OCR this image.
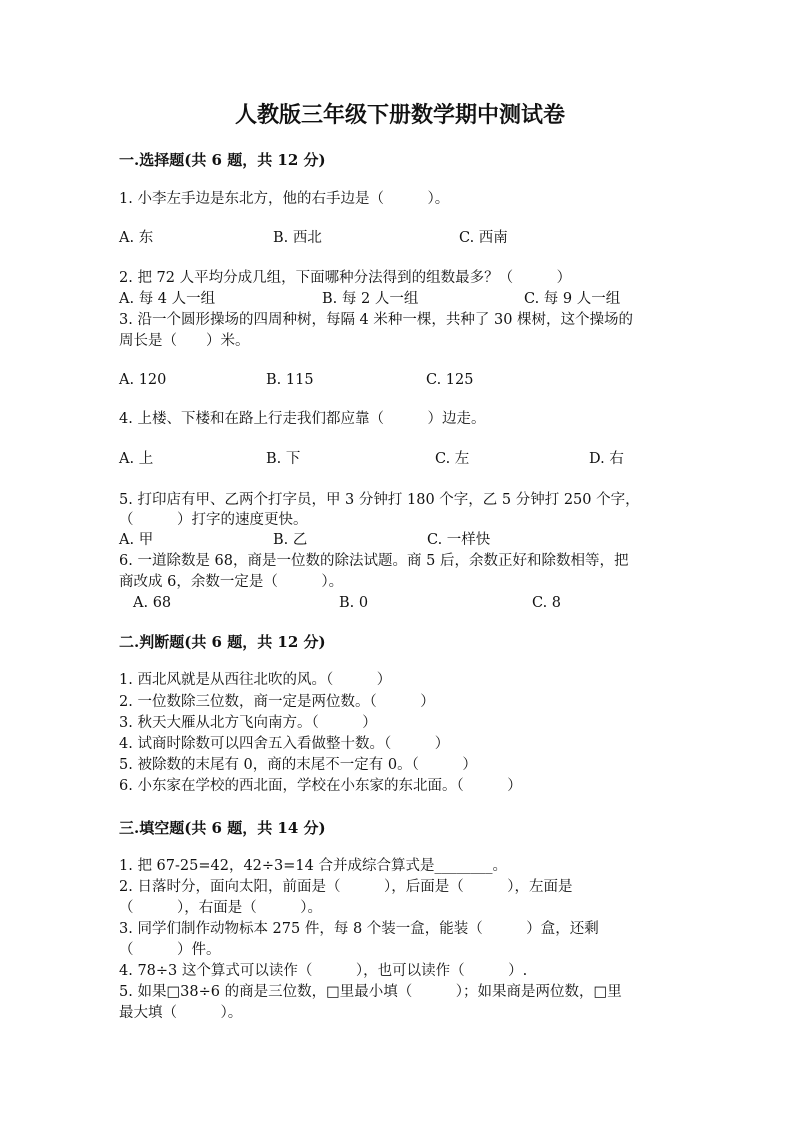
人教版三年级下册数学期中测试卷
一.选择题(共 6 题，共 12 分)
1. 小李左手边是东北方，他的右手边是（　　　）。
A. 东	B. 西北	C. 西南
2. 把 72 人平均分成几组，下面哪种分法得到的组数最多？（　　　）
A. 每 4 人一组	B. 每 2 人一组	C. 每 9 人一组
3. 沿一个圆形操场的四周种树，每隔 4 米种一棵，共种了 30 棵树，这个操场的
周长是（　　）米。
A. 120	B. 115	C. 125
4. 上楼、下楼和在路上行走我们都应靠（　　　）边走。
A. 上	B. 下	C. 左	D. 右
5. 打印店有甲、乙两个打字员，甲 3 分钟打 180 个字，乙 5 分钟打 250 个字，
（　　　）打字的速度更快。
A. 甲	B. 乙	C. 一样快
6. 一道除数是 68，商是一位数的除法试题。商 5 后，余数正好和除数相等，把
商改成 6，余数一定是（　　　）。
A. 68	B. 0	C. 8
二.判断题(共 6 题，共 12 分)
1. 西北风就是从西往北吹的风。（　　　）
2. 一位数除三位数，商一定是两位数。（　　　）
3. 秋天大雁从北方飞向南方。（　　　）
4. 试商时除数可以四舍五入看做整十数。（　　　）
5. 被除数的末尾有 0，商的末尾不一定有 0。（　　　）
6. 小东家在学校的西北面，学校在小东家的东北面。（　　　）
三.填空题(共 6 题，共 14 分)
1. 把 67-25=42，42÷3=14 合并成综合算式是________。
2. 日落时分，面向太阳，前面是（　　　），后面是（　　　），左面是
（　　　），右面是（　　　）。
3. 同学们制作动物标本 275 件，每 8 个装一盒，能装（　　　）盒，还剩
（　　　）件。
4. 78÷3 这个算式可以读作（　　　），也可以读作（　　　）.
5. 如果□38÷6 的商是三位数，□里最小填（　　　）；如果商是两位数，□里
最大填（　　　）。
